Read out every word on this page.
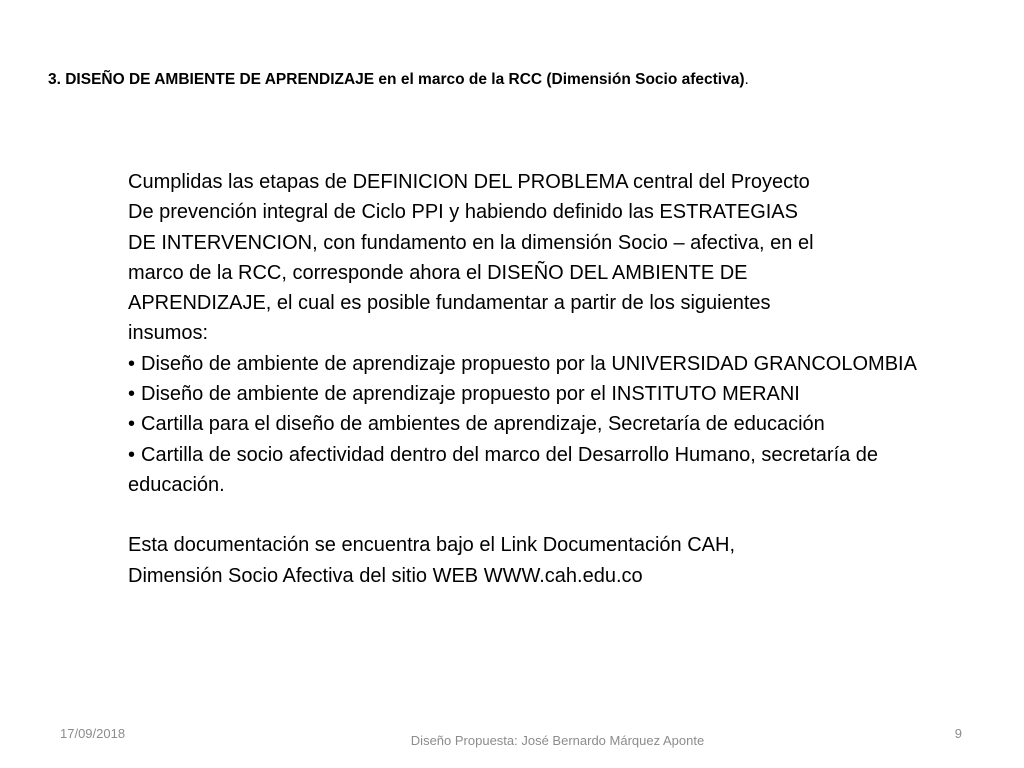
3. DISEÑO DE AMBIENTE DE APRENDIZAJE en el marco de la RCC (Dimensión Socio afectiva).

Cumplidas las etapas de DEFINICION DEL PROBLEMA central del Proyecto

De prevención integral de Ciclo PPI y habiendo definido las ESTRATEGIAS

DE INTERVENCION, con fundamento en la dimensión Socio – afectiva, en el

marco de la RCC, corresponde ahora el DISEÑO DEL AMBIENTE DE

APRENDIZAJE, el cual es posible fundamentar a partir de los siguientes

insumos:

• Diseño de ambiente de aprendizaje propuesto por la UNIVERSIDAD GRANCOLOMBIA

• Diseño de ambiente de aprendizaje propuesto por el INSTITUTO MERANI

• Cartilla para el diseño de ambientes de aprendizaje, Secretaría de educación

• Cartilla de socio afectividad dentro del marco del Desarrollo Humano, secretaría de educación.

Esta documentación se encuentra bajo el Link Documentación CAH,

Dimensión Socio Afectiva del sitio WEB WWW.cah.edu.co

17/09/2018	Diseño Propuesta: José Bernardo Márquez Aponte	9
